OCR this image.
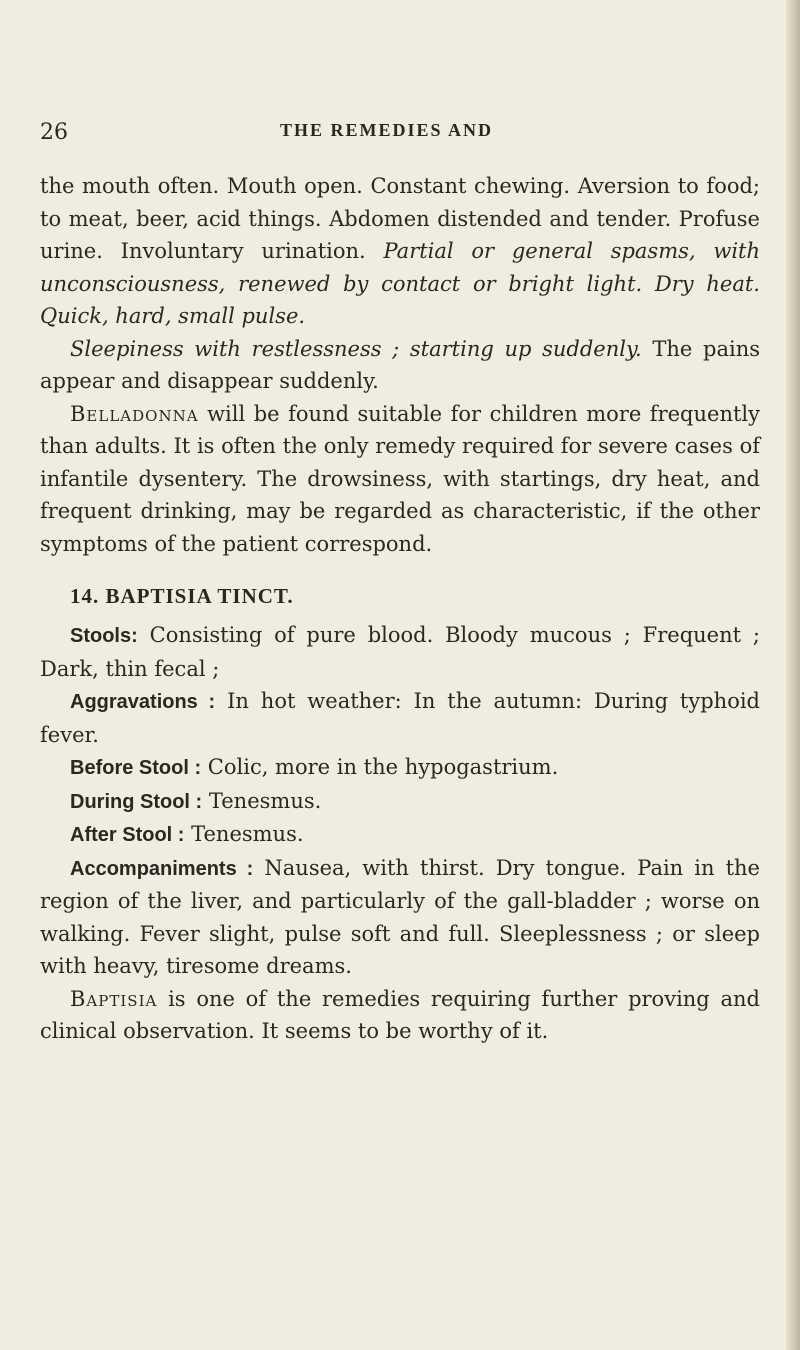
26	THE REMEDIES AND

the mouth often. Mouth open. Constant chewing. Aversion to food; to meat, beer, acid things. Abdomen distended and tender. Profuse urine. Involuntary urination. Partial or general spasms, with unconsciousness, renewed by contact or bright light. Dry heat. Quick, hard, small pulse.

Sleepiness with restlessness ; starting up suddenly. The pains appear and disappear suddenly.

Belladonna will be found suitable for children more frequently than adults. It is often the only remedy required for severe cases of infantile dysentery. The drowsiness, with startings, dry heat, and frequent drinking, may be regarded as characteristic, if the other symptoms of the patient correspond.

14. BAPTISIA TINCT.

Stools: Consisting of pure blood. Bloody mucous ; Frequent ; Dark, thin fecal ;

Aggravations : In hot weather: In the autumn: During typhoid fever.

Before Stool : Colic, more in the hypogastrium.

During Stool : Tenesmus.

After Stool : Tenesmus.

Accompaniments : Nausea, with thirst. Dry tongue. Pain in the region of the liver, and particularly of the gall-bladder ; worse on walking. Fever slight, pulse soft and full. Sleeplessness ; or sleep with heavy, tiresome dreams.

Baptisia is one of the remedies requiring further proving and clinical observation. It seems to be worthy of it.
